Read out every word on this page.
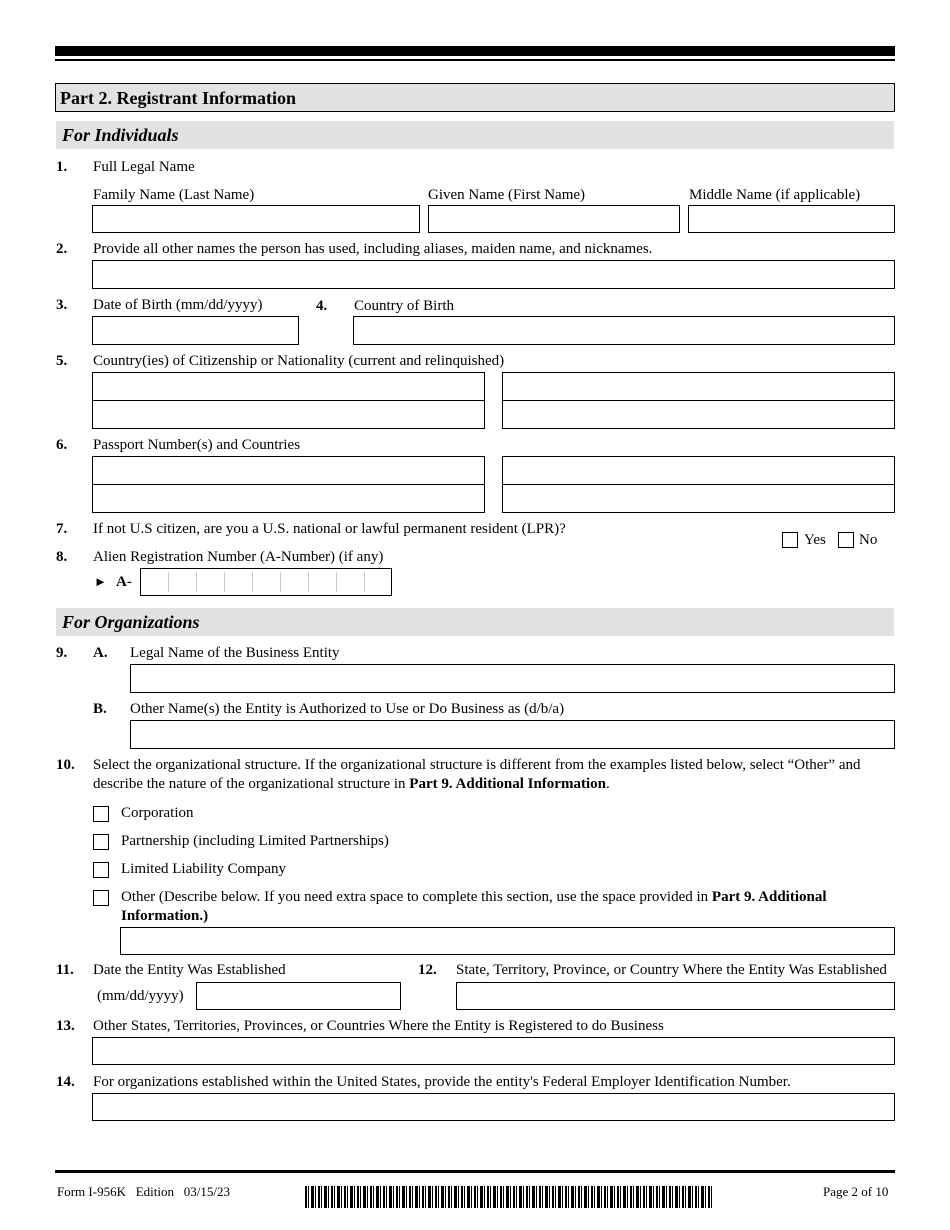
Part 2. Registrant Information
For Individuals
1. Full Legal Name
Family Name (Last Name)	Given Name (First Name)	Middle Name (if applicable)
2. Provide all other names the person has used, including aliases, maiden name, and nicknames.
3. Date of Birth (mm/dd/yyyy)	4. Country of Birth
5. Country(ies) of Citizenship or Nationality (current and relinquished)
6. Passport Number(s) and Countries
7. If not U.S citizen, are you a U.S. national or lawful permanent resident (LPR)?
Yes No
8. Alien Registration Number (A-Number) (if any)
► A-
For Organizations
9. A. Legal Name of the Business Entity
B. Other Name(s) the Entity is Authorized to Use or Do Business as (d/b/a)
10. Select the organizational structure. If the organizational structure is different from the examples listed below, select “Other” and describe the nature of the organizational structure in Part 9. Additional Information.
Corporation
Partnership (including Limited Partnerships)
Limited Liability Company
Other (Describe below. If you need extra space to complete this section, use the space provided in Part 9. Additional Information.)
11. Date the Entity Was Established
(mm/dd/yyyy)
12. State, Territory, Province, or Country Where the Entity Was Established
13. Other States, Territories, Provinces, or Countries Where the Entity is Registered to do Business
14. For organizations established within the United States, provide the entity's Federal Employer Identification Number.
Form I-956K   Edition   03/15/23	Page 2 of 10
